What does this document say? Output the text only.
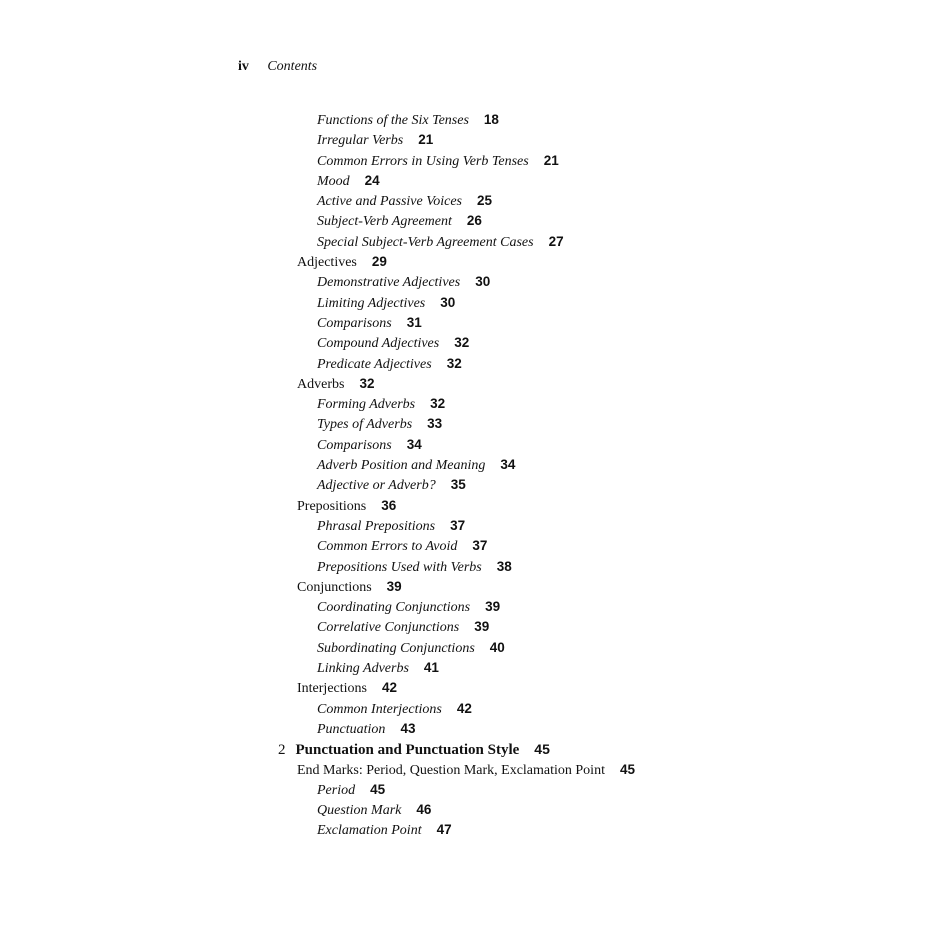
iv Contents
Functions of the Six Tenses 18
Irregular Verbs 21
Common Errors in Using Verb Tenses 21
Mood 24
Active and Passive Voices 25
Subject-Verb Agreement 26
Special Subject-Verb Agreement Cases 27
Adjectives 29
Demonstrative Adjectives 30
Limiting Adjectives 30
Comparisons 31
Compound Adjectives 32
Predicate Adjectives 32
Adverbs 32
Forming Adverbs 32
Types of Adverbs 33
Comparisons 34
Adverb Position and Meaning 34
Adjective or Adverb? 35
Prepositions 36
Phrasal Prepositions 37
Common Errors to Avoid 37
Prepositions Used with Verbs 38
Conjunctions 39
Coordinating Conjunctions 39
Correlative Conjunctions 39
Subordinating Conjunctions 40
Linking Adverbs 41
Interjections 42
Common Interjections 42
Punctuation 43
2 Punctuation and Punctuation Style 45
End Marks: Period, Question Mark, Exclamation Point 45
Period 45
Question Mark 46
Exclamation Point 47
